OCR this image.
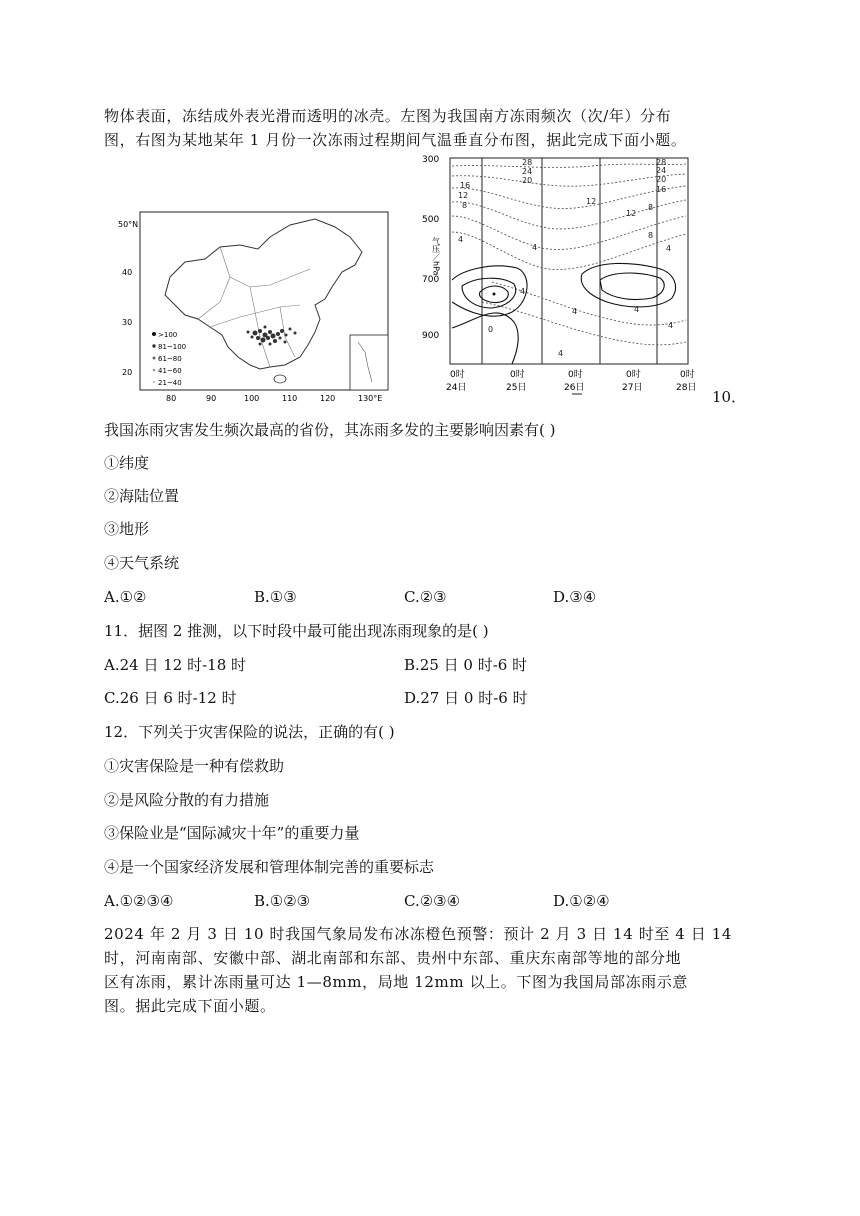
物体表面，冻结成外表光滑而透明的冰壳。左图为我国南方冻雨频次（次/年）分布
图，右图为某地某年 1 月份一次冻雨过程期间气温垂直分布图，据此完成下面小题。
50°N
40
30
20
80	90	100	110	120	130°E
>100
81~100
61~80
41~60
21~40
28
24
20
16
12
8
4
0
4
4
4
8
12
16
20
24
28
12
8
4
4
4
4
300
500
700
900
气压／hPa
0时	0时	0时	0时	0时
24日	25日	26日	27日	28日 10．
我国冻雨灾害发生频次最高的省份，其冻雨多发的主要影响因素有( )
①纬度
②海陆位置
③地形
④天气系统
A.①②	B.①③	C.②③	D.③④
11．据图 2 推测，以下时段中最可能出现冻雨现象的是( )
A.24 日 12 时-18 时	B.25 日 0 时-6 时
C.26 日 6 时-12 时	D.27 日 0 时-6 时
12．下列关于灾害保险的说法，正确的有( )
①灾害保险是一种有偿救助
②是风险分散的有力措施
③保险业是“国际减灾十年”的重要力量
④是一个国家经济发展和管理体制完善的重要标志
A.①②③④	B.①②③	C.②③④	D.①②④
2024 年 2 月 3 日 10 时我国气象局发布冰冻橙色预警：预计 2 月 3 日 14 时至 4 日 14
时，河南南部、安徽中部、湖北南部和东部、贵州中东部、重庆东南部等地的部分地
区有冻雨，累计冻雨量可达 1—8mm，局地 12mm 以上。下图为我国局部冻雨示意
图。据此完成下面小题。
